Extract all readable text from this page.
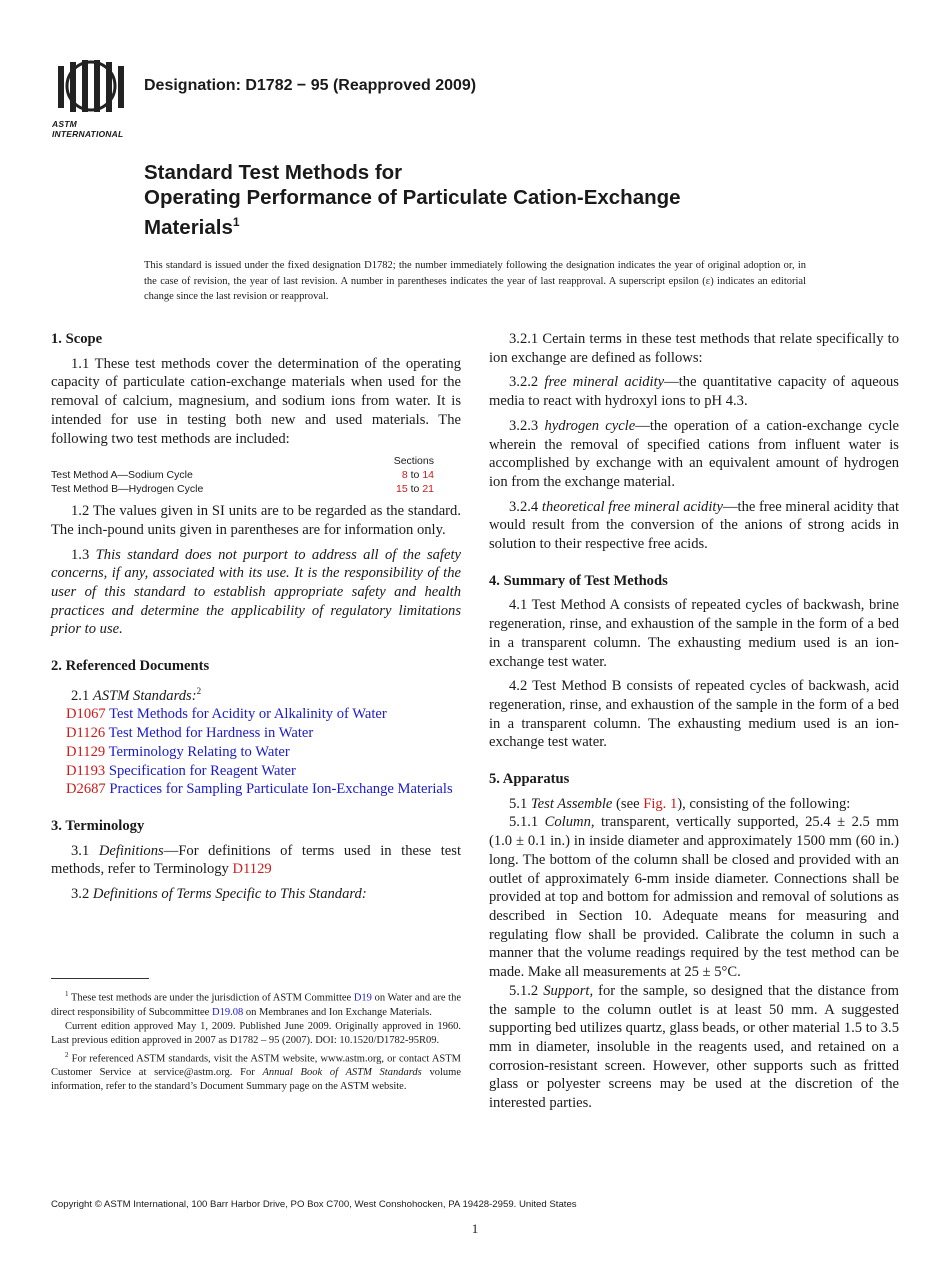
ASTM INTERNATIONAL
Designation: D1782 − 95 (Reapproved 2009)
Standard Test Methods for
Operating Performance of Particulate Cation-Exchange
Materials$^1$
This standard is issued under the fixed designation D1782; the number immediately following the designation indicates the year of original adoption or, in the case of revision, the year of last revision. A number in parentheses indicates the year of last reapproval. A superscript epsilon (ε) indicates an editorial change since the last revision or reapproval.
1. Scope

1.1 These test methods cover the determination of the operating capacity of particulate cation-exchange materials when used for the removal of calcium, magnesium, and sodium ions from water. It is intended for use in testing both new and used materials. The following two test methods are included:

	Sections
Test Method A—Sodium Cycle	8 to 14
Test Method B—Hydrogen Cycle	15 to 21

1.2 The values given in SI units are to be regarded as the standard. The inch-pound units given in parentheses are for information only.

1.3 This standard does not purport to address all of the safety concerns, if any, associated with its use. It is the responsibility of the user of this standard to establish appropriate safety and health practices and determine the applicability of regulatory limitations prior to use.

2. Referenced Documents

2.1 ASTM Standards:$^2$

D1067 Test Methods for Acidity or Alkalinity of Water

D1126 Test Method for Hardness in Water

D1129 Terminology Relating to Water

D1193 Specification for Reagent Water

D2687 Practices for Sampling Particulate Ion-Exchange Materials

3. Terminology

3.1 Definitions—For definitions of terms used in these test methods, refer to Terminology D1129

3.2 Definitions of Terms Specific to This Standard:

$^1$ These test methods are under the jurisdiction of ASTM Committee D19 on Water and are the direct responsibility of Subcommittee D19.08 on Membranes and Ion Exchange Materials.

Current edition approved May 1, 2009. Published June 2009. Originally approved in 1960. Last previous edition approved in 2007 as D1782 – 95 (2007). DOI: 10.1520/D1782-95R09.

$^2$ For referenced ASTM standards, visit the ASTM website, www.astm.org, or contact ASTM Customer Service at service@astm.org. For Annual Book of ASTM Standards volume information, refer to the standard’s Document Summary page on the ASTM website.

3.2.1 Certain terms in these test methods that relate specifically to ion exchange are defined as follows:

3.2.2 free mineral acidity—the quantitative capacity of aqueous media to react with hydroxyl ions to pH 4.3.

3.2.3 hydrogen cycle—the operation of a cation-exchange cycle wherein the removal of specified cations from influent water is accomplished by exchange with an equivalent amount of hydrogen ion from the exchange material.

3.2.4 theoretical free mineral acidity—the free mineral acidity that would result from the conversion of the anions of strong acids in solution to their respective free acids.

4. Summary of Test Methods

4.1 Test Method A consists of repeated cycles of backwash, brine regeneration, rinse, and exhaustion of the sample in the form of a bed in a transparent column. The exhausting medium used is an ion-exchange test water.

4.2 Test Method B consists of repeated cycles of backwash, acid regeneration, rinse, and exhaustion of the sample in the form of a bed in a transparent column. The exhausting medium used is an ion-exchange test water.

5. Apparatus

5.1 Test Assemble (see Fig. 1), consisting of the following:

5.1.1 Column, transparent, vertically supported, 25.4 ± 2.5 mm (1.0 ± 0.1 in.) in inside diameter and approximately 1500 mm (60 in.) long. The bottom of the column shall be closed and provided with an outlet of approximately 6-mm inside diameter. Connections shall be provided at top and bottom for admission and removal of solutions as described in Section 10. Adequate means for measuring and regulating flow shall be provided. Calibrate the column in such a manner that the volume readings required by the test method can be made. Make all measurements at 25 ± 5°C.

5.1.2 Support, for the sample, so designed that the distance from the sample to the column outlet is at least 50 mm. A suggested supporting bed utilizes quartz, glass beads, or other material 1.5 to 3.5 mm in diameter, insoluble in the reagents used, and retained on a corrosion-resistant screen. However, other supports such as fritted glass or polyester screens may be used at the discretion of the interested parties.

Copyright © ASTM International, 100 Barr Harbor Drive, PO Box C700, West Conshohocken, PA 19428-2959. United States
1
